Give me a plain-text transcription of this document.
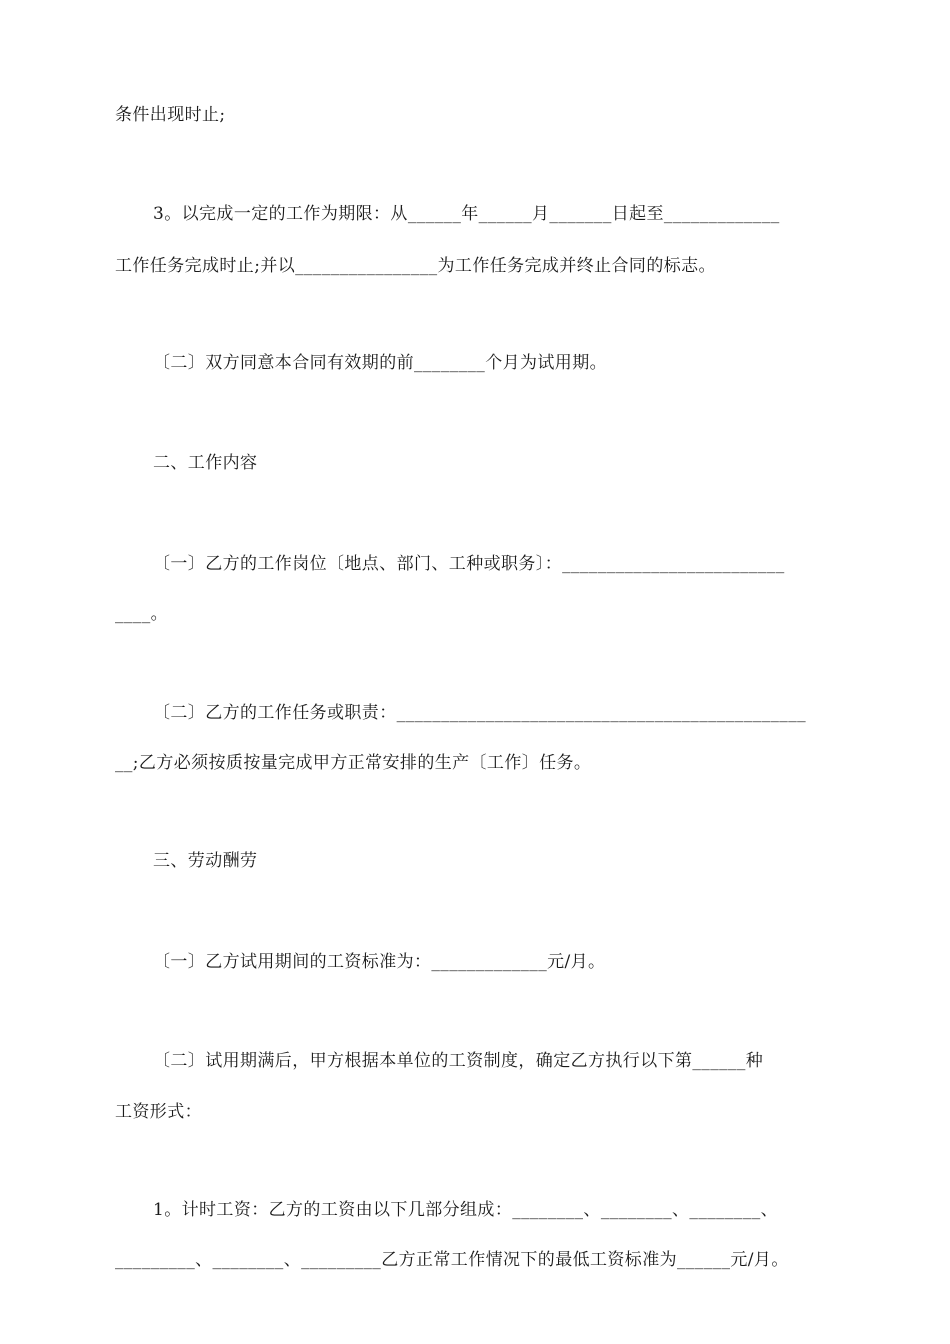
条件出现时止;
3。以完成一定的工作为期限：从______年______月_______日起至_____________
工作任务完成时止;并以________________为工作任务完成并终止合同的标志。
〔二〕双方同意本合同有效期的前________个月为试用期。
二、工作内容
〔一〕乙方的工作岗位〔地点、部门、工种或职务〕：_________________________
____。
〔二〕乙方的工作任务或职责：______________________________________________
__;乙方必须按质按量完成甲方正常安排的生产〔工作〕任务。
三、劳动酬劳
〔一〕乙方试用期间的工资标准为：_____________元/月。
〔二〕试用期满后，甲方根据本单位的工资制度，确定乙方执行以下第______种
工资形式：
1。计时工资：乙方的工资由以下几部分组成：________、________、________、
_________、________、_________乙方正常工作情况下的最低工资标准为______元/月。
